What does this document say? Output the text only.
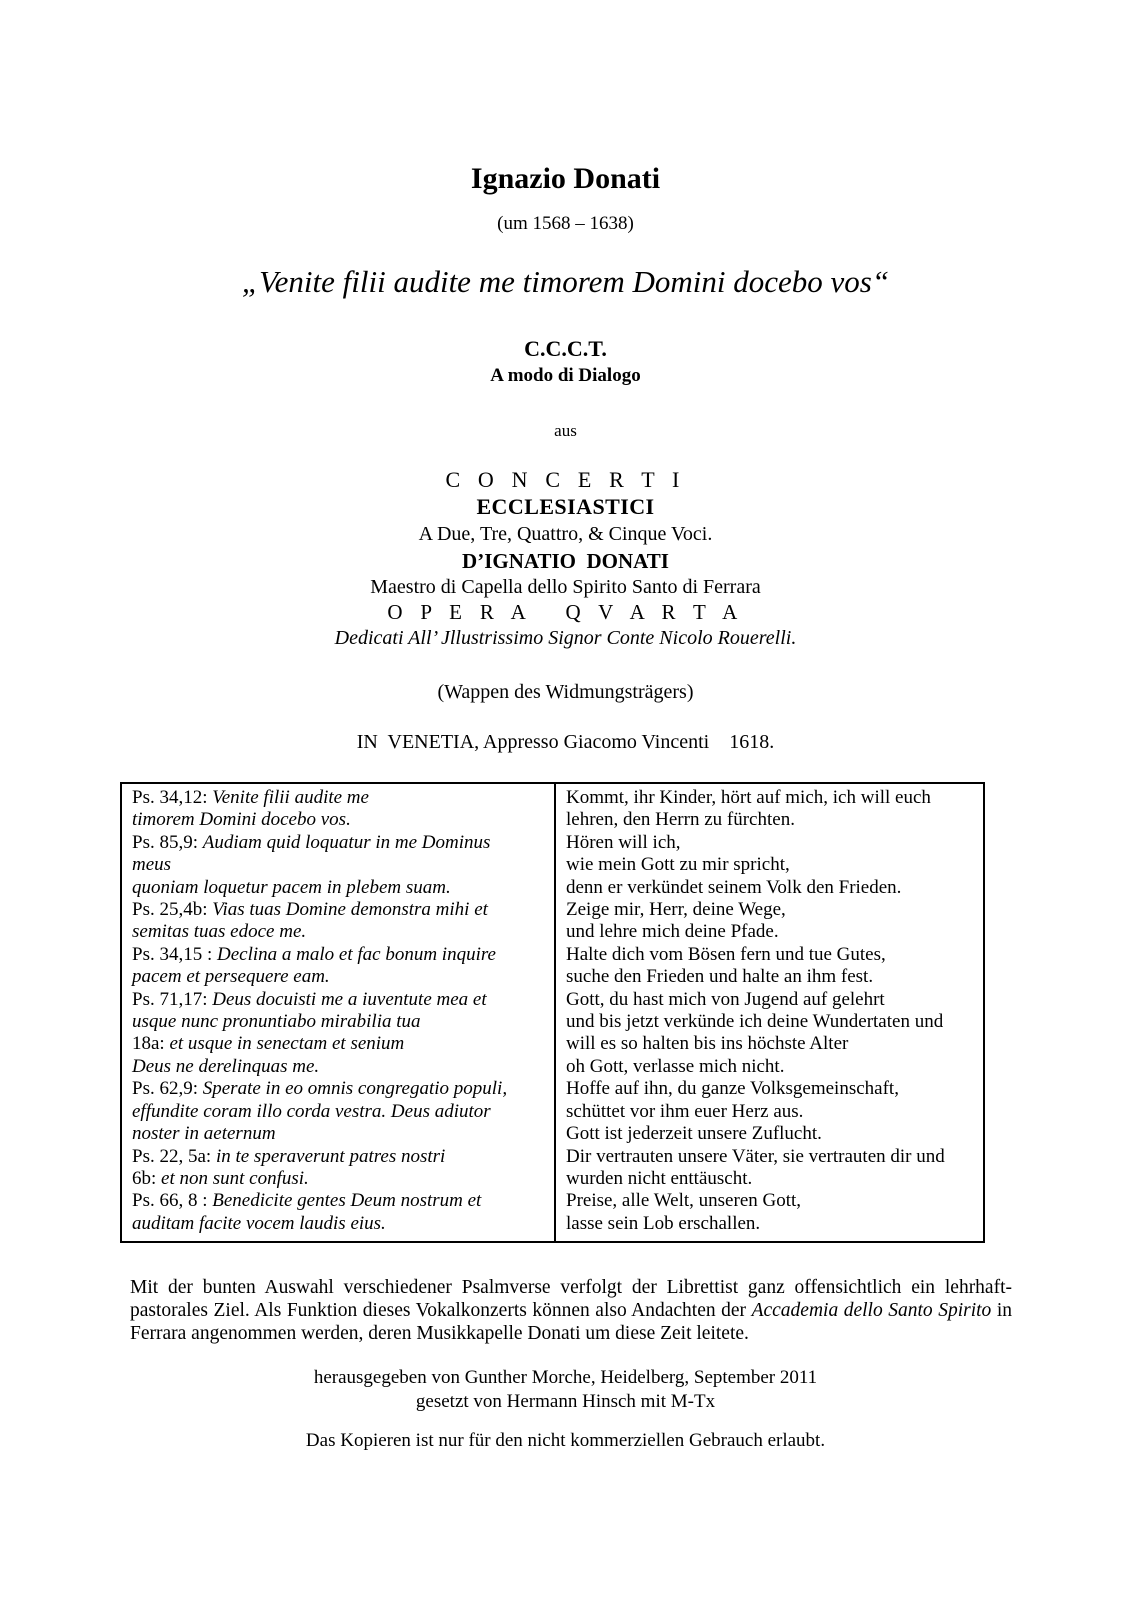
Ignazio Donati
(um 1568 – 1638)
„Venite filii audite me timorem Domini docebo vos“
C.C.C.T.
A modo di Dialogo
aus
C O N C E R T I
ECCLESIASTICI
A Due, Tre, Quattro, & Cinque Voci.
D’IGNATIO  DONATI
Maestro di Capella dello Spirito Santo di Ferrara
O P E R A   Q V A R T A
Dedicati All’ Jllustrissimo Signor Conte Nicolo Rouerelli.
(Wappen des Widmungsträgers)
IN  VENETIA, Appresso Giacomo Vincenti    1618.
Ps. 34,12: Venite filii audite me
timorem Domini docebo vos.
Ps. 85,9: Audiam quid loquatur in me Dominus
meus
quoniam loquetur pacem in plebem suam.
Ps. 25,4b: Vias tuas Domine demonstra mihi et
semitas tuas edoce me.
Ps. 34,15 : Declina a malo et fac bonum inquire
pacem et persequere eam.
Ps. 71,17: Deus docuisti me a iuventute mea et
usque nunc pronuntiabo mirabilia tua
18a: et usque in senectam et senium
Deus ne derelinquas me.
Ps. 62,9: Sperate in eo omnis congregatio populi,
effundite coram illo corda vestra. Deus adiutor
noster in aeternum
Ps. 22, 5a: in te speraverunt patres nostri
6b: et non sunt confusi.
Ps. 66, 8 : Benedicite gentes Deum nostrum et
auditam facite vocem laudis eius.
Kommt, ihr Kinder, hört auf mich, ich will euch
lehren, den Herrn zu fürchten.
Hören will ich,
wie mein Gott zu mir spricht,
denn er verkündet seinem Volk den Frieden.
Zeige mir, Herr, deine Wege,
und lehre mich deine Pfade.
Halte dich vom Bösen fern und tue Gutes,
suche den Frieden und halte an ihm fest.
Gott, du hast mich von Jugend auf gelehrt
und bis jetzt verkünde ich deine Wundertaten und
will es so halten bis ins höchste Alter
oh Gott, verlasse mich nicht.
Hoffe auf ihn, du ganze Volksgemeinschaft,
schüttet vor ihm euer Herz aus.
Gott ist jederzeit unsere Zuflucht.
Dir vertrauten unsere Väter, sie vertrauten dir und
wurden nicht enttäuscht.
Preise, alle Welt, unseren Gott,
lasse sein Lob erschallen.
Mit der bunten Auswahl verschiedener Psalmverse verfolgt der Librettist ganz offensichtlich ein lehrhaft-pastorales Ziel. Als Funktion dieses Vokalkonzerts können also Andachten der Accademia dello Santo Spirito in Ferrara angenommen werden, deren Musikkapelle Donati um diese Zeit leitete.
herausgegeben von Gunther Morche, Heidelberg, September 2011
gesetzt von Hermann Hinsch mit M-Tx
Das Kopieren ist nur für den nicht kommerziellen Gebrauch erlaubt.
